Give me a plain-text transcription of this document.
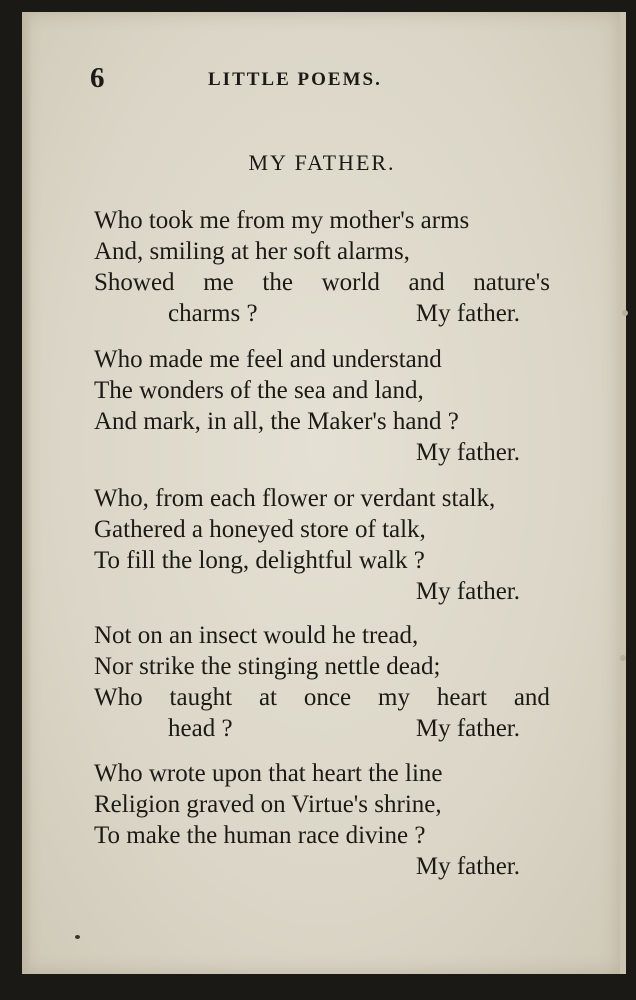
6	LITTLE POEMS.
MY FATHER.
Who took me from my mother's arms
And, smiling at her soft alarms,
Showed me the world and nature's
charms ?	My father.
Who made me feel and understand
The wonders of the sea and land,
And mark, in all, the Maker's hand ?
My father.
Who, from each flower or verdant stalk,
Gathered a honeyed store of talk,
To fill the long, delightful walk ?
My father.
Not on an insect would he tread,
Nor strike the stinging nettle dead;
Who taught at once my heart and
head ?	My father.
Who wrote upon that heart the line
Religion graved on Virtue's shrine,
To make the human race divine ?
My father.
